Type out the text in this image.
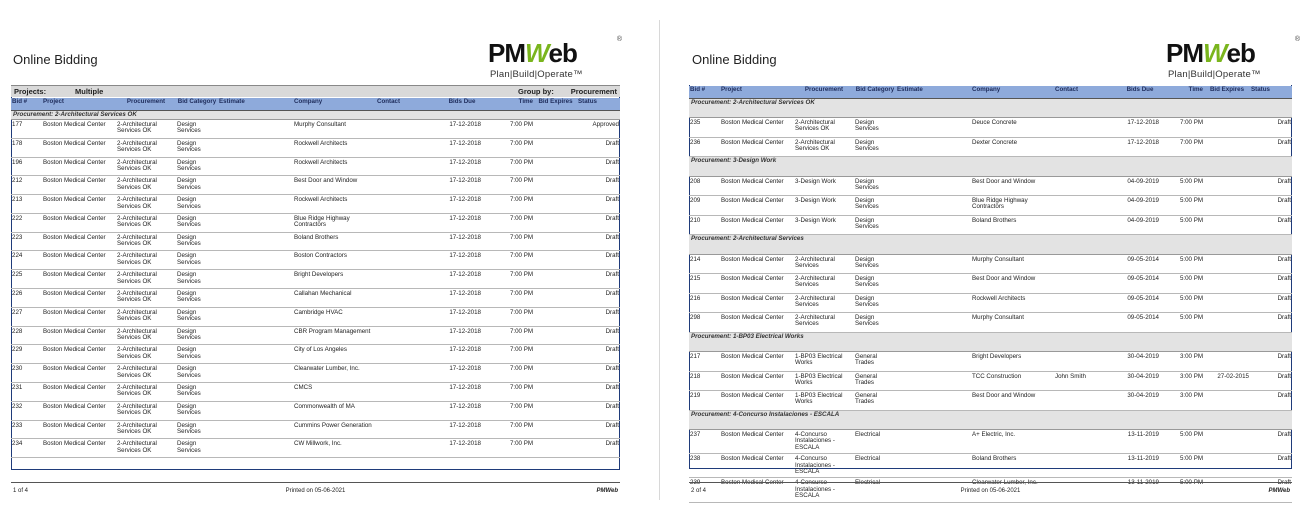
Online Bidding	PMWeb	®
Plan|Build|Operate™
Projects:	Multiple	Group by: Procurement
Bid #	Project	Procurement	Bid Category	Estimate	Company	Contact	Bids Due	Time	Bid Expires	Status
Procurement: 2-Architectural Services OK										
177	Boston Medical Center	2-Architectural Services OK	Design Services		Murphy Consultant		17-12-2018	7:00 PM		Approved
178	Boston Medical Center	2-Architectural Services OK	Design Services		Rockwell Architects		17-12-2018	7:00 PM		Draft
196	Boston Medical Center	2-Architectural Services OK	Design Services		Rockwell Architects		17-12-2018	7:00 PM		Draft
212	Boston Medical Center	2-Architectural Services OK	Design Services		Best Door and Window		17-12-2018	7:00 PM		Draft
213	Boston Medical Center	2-Architectural Services OK	Design Services		Rockwell Architects		17-12-2018	7:00 PM		Draft
222	Boston Medical Center	2-Architectural Services OK	Design Services		Blue Ridge Highway Contractors		17-12-2018	7:00 PM		Draft
223	Boston Medical Center	2-Architectural Services OK	Design Services		Boland Brothers		17-12-2018	7:00 PM		Draft
224	Boston Medical Center	2-Architectural Services OK	Design Services		Boston Contractors		17-12-2018	7:00 PM		Draft
225	Boston Medical Center	2-Architectural Services OK	Design Services		Bright Developers		17-12-2018	7:00 PM		Draft
226	Boston Medical Center	2-Architectural Services OK	Design Services		Callahan Mechanical		17-12-2018	7:00 PM		Draft
227	Boston Medical Center	2-Architectural Services OK	Design Services		Cambridge HVAC		17-12-2018	7:00 PM		Draft
228	Boston Medical Center	2-Architectural Services OK	Design Services		CBR Program Management		17-12-2018	7:00 PM		Draft
229	Boston Medical Center	2-Architectural Services OK	Design Services		City of Los Angeles		17-12-2018	7:00 PM		Draft
230	Boston Medical Center	2-Architectural Services OK	Design Services		Clearwater Lumber, Inc.		17-12-2018	7:00 PM		Draft
231	Boston Medical Center	2-Architectural Services OK	Design Services		CMCS		17-12-2018	7:00 PM		Draft
232	Boston Medical Center	2-Architectural Services OK	Design Services		Commonwealth of MA		17-12-2018	7:00 PM		Draft
233	Boston Medical Center	2-Architectural Services OK	Design Services		Cummins Power Generation		17-12-2018	7:00 PM		Draft
234	Boston Medical Center	2-Architectural Services OK	Design Services		CW Millwork, Inc.		17-12-2018	7:00 PM		Draft
1 of 4	Printed on 05-06-2021	PMWeb
Online Bidding	PMWeb	®
Plan|Build|Operate™
Bid #	Project	Procurement	Bid Category	Estimate	Company	Contact	Bids Due	Time	Bid Expires	Status
Procurement: 2-Architectural Services OK										
235	Boston Medical Center	2-Architectural Services OK	Design Services		Deuce Concrete		17-12-2018	7:00 PM		Draft
236	Boston Medical Center	2-Architectural Services OK	Design Services		Dexter Concrete		17-12-2018	7:00 PM		Draft
Procurement: 3-Design Work										
208	Boston Medical Center	3-Design Work	Design Services		Best Door and Window		04-09-2019	5:00 PM		Draft
209	Boston Medical Center	3-Design Work	Design Services		Blue Ridge Highway Contractors		04-09-2019	5:00 PM		Draft
210	Boston Medical Center	3-Design Work	Design Services		Boland Brothers		04-09-2019	5:00 PM		Draft
Procurement: 2-Architectural Services										
214	Boston Medical Center	2-Architectural Services	Design Services		Murphy Consultant		09-05-2014	5:00 PM		Draft
215	Boston Medical Center	2-Architectural Services	Design Services		Best Door and Window		09-05-2014	5:00 PM		Draft
216	Boston Medical Center	2-Architectural Services	Design Services		Rockwell Architects		09-05-2014	5:00 PM		Draft
298	Boston Medical Center	2-Architectural Services	Design Services		Murphy Consultant		09-05-2014	5:00 PM		Draft
Procurement: 1-BP03 Electrical Works										
217	Boston Medical Center	1-BP03 Electrical Works	General Trades		Bright Developers		30-04-2019	3:00 PM		Draft
218	Boston Medical Center	1-BP03 Electrical Works	General Trades		TCC Construction	John Smith	30-04-2019	3:00 PM	27-02-2015	Draft
219	Boston Medical Center	1-BP03 Electrical Works	General Trades		Best Door and Window		30-04-2019	3:00 PM		Draft
Procurement: 4-Concurso Instalaciones - ESCALA										
237	Boston Medical Center	4-Concurso Instalaciones - ESCALA	Electrical		A+ Electric, Inc.		13-11-2019	5:00 PM		Draft
238	Boston Medical Center	4-Concurso Instalaciones - ESCALA	Electrical		Boland Brothers		13-11-2019	5:00 PM		Draft
239	Boston Medical Center	4-Concurso Instalaciones - ESCALA	Electrical		Clearwater Lumber, Inc.		13-11-2019	5:00 PM		Draft
2 of 4	Printed on 05-06-2021	PMWeb
